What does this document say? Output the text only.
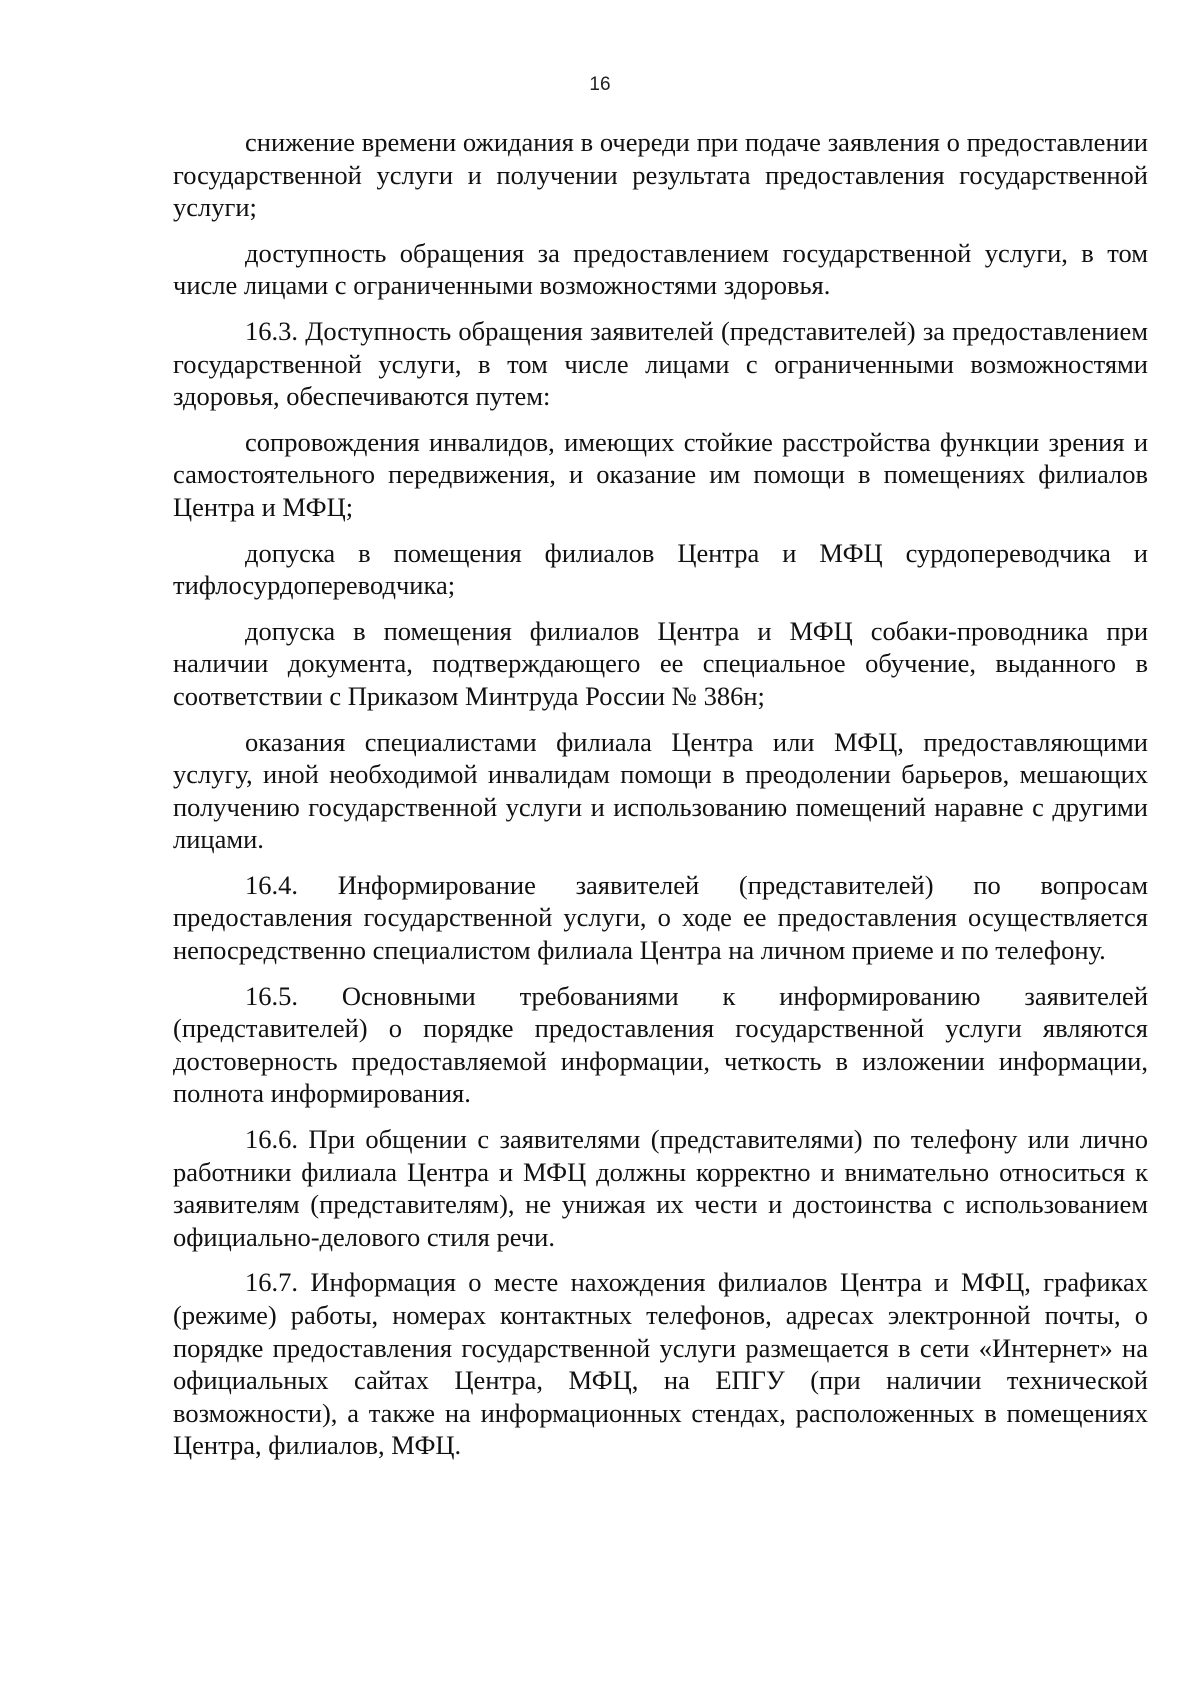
16

снижение времени ожидания в очереди при подаче заявления о предоставлении государственной услуги и получении результата предоставления государственной услуги;

доступность обращения за предоставлением государственной услуги, в том числе лицами с ограниченными возможностями здоровья.

16.3. Доступность обращения заявителей (представителей) за предоставлением государственной услуги, в том числе лицами с ограниченными возможностями здоровья, обеспечиваются путем:

сопровождения инвалидов, имеющих стойкие расстройства функции зрения и самостоятельного передвижения, и оказание им помощи в помещениях филиалов Центра и МФЦ;

допуска в помещения филиалов Центра и МФЦ сурдопереводчика и тифлосурдопереводчика;

допуска в помещения филиалов Центра и МФЦ собаки-проводника при наличии документа, подтверждающего ее специальное обучение, выданного в соответствии с Приказом Минтруда России № 386н;

оказания специалистами филиала Центра или МФЦ, предоставляющими услугу, иной необходимой инвалидам помощи в преодолении барьеров, мешающих получению государственной услуги и использованию помещений наравне с другими лицами.

16.4. Информирование заявителей (представителей) по вопросам предоставления государственной услуги, о ходе ее предоставления осуществляется непосредственно специалистом филиала Центра на личном приеме и по телефону.

16.5. Основными требованиями к информированию заявителей (представителей) о порядке предоставления государственной услуги являются достоверность предоставляемой информации, четкость в изложении информации, полнота информирования.

16.6. При общении с заявителями (представителями) по телефону или лично работники филиала Центра и МФЦ должны корректно и внимательно относиться к заявителям (представителям), не унижая их чести и достоинства с использованием официально-делового стиля речи.

16.7. Информация о месте нахождения филиалов Центра и МФЦ, графиках (режиме) работы, номерах контактных телефонов, адресах электронной почты, о порядке предоставления государственной услуги размещается в сети «Интернет» на официальных сайтах Центра, МФЦ, на ЕПГУ (при наличии технической возможности), а также на информационных стендах, расположенных в помещениях Центра, филиалов, МФЦ.
